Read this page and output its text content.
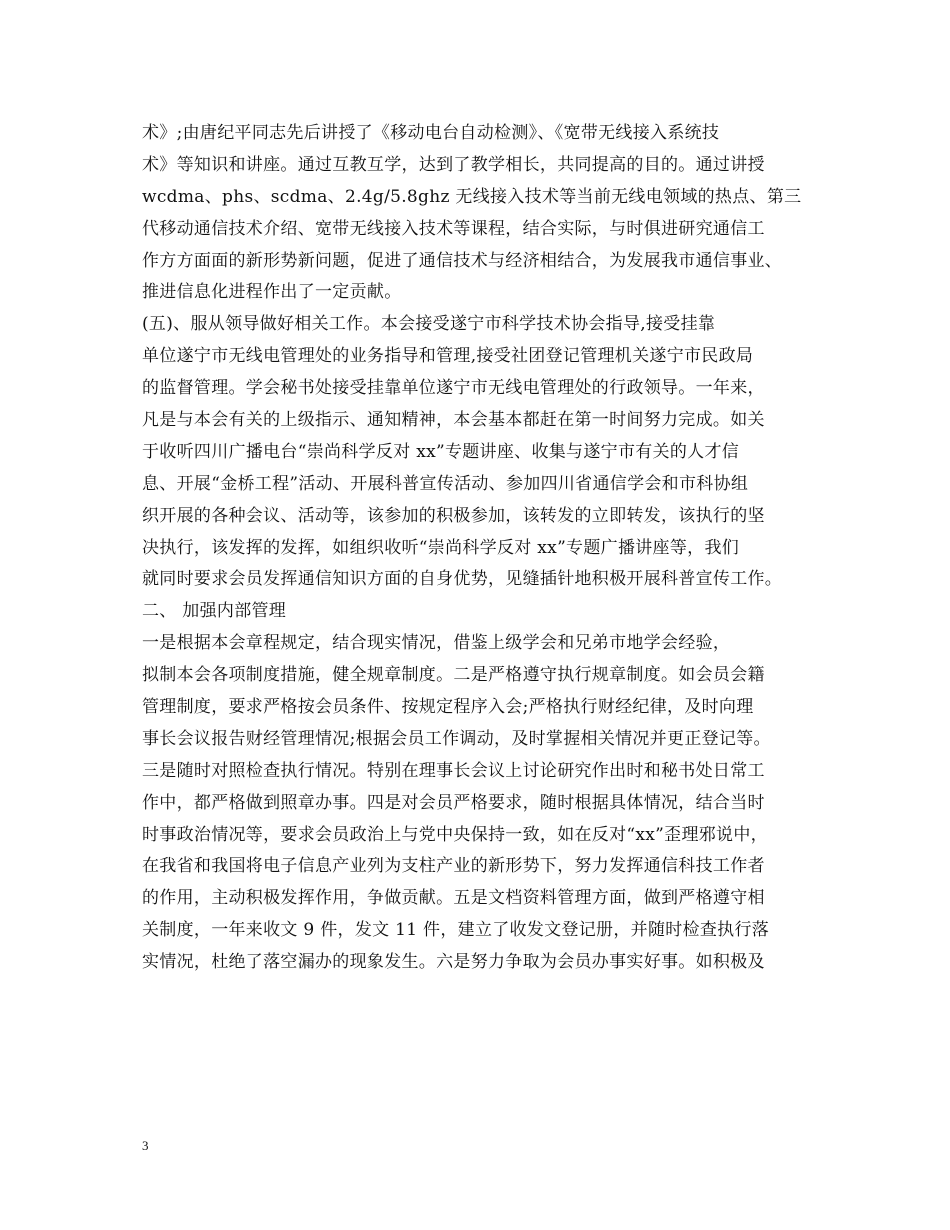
术》;由唐纪平同志先后讲授了《移动电台自动检测》、《宽带无线接入系统技
术》等知识和讲座。通过互教互学，达到了教学相长，共同提高的目的。通过讲授
wcdma、phs、scdma、2.4g/5.8ghz 无线接入技术等当前无线电领域的热点、第三
代移动通信技术介绍、宽带无线接入技术等课程，结合实际，与时俱进研究通信工
作方方面面的新形势新问题，促进了通信技术与经济相结合，为发展我市通信事业、
推进信息化进程作出了一定贡献。
(五)、服从领导做好相关工作。本会接受遂宁市科学技术协会指导,接受挂靠
单位遂宁市无线电管理处的业务指导和管理,接受社团登记管理机关遂宁市民政局
的监督管理。学会秘书处接受挂靠单位遂宁市无线电管理处的行政领导。一年来，
凡是与本会有关的上级指示、通知精神，本会基本都赶在第一时间努力完成。如关
于收听四川广播电台“崇尚科学反对 xx”专题讲座、收集与遂宁市有关的人才信
息、开展“金桥工程”活动、开展科普宣传活动、参加四川省通信学会和市科协组
织开展的各种会议、活动等，该参加的积极参加，该转发的立即转发，该执行的坚
决执行，该发挥的发挥，如组织收听“崇尚科学反对 xx”专题广播讲座等，我们
就同时要求会员发挥通信知识方面的自身优势，见缝插针地积极开展科普宣传工作。
二、 加强内部管理
一是根据本会章程规定，结合现实情况，借鉴上级学会和兄弟市地学会经验，
拟制本会各项制度措施，健全规章制度。二是严格遵守执行规章制度。如会员会籍
管理制度，要求严格按会员条件、按规定程序入会;严格执行财经纪律，及时向理
事长会议报告财经管理情况;根据会员工作调动，及时掌握相关情况并更正登记等。
三是随时对照检查执行情况。特别在理事长会议上讨论研究作出时和秘书处日常工
作中，都严格做到照章办事。四是对会员严格要求，随时根据具体情况，结合当时
时事政治情况等，要求会员政治上与党中央保持一致，如在反对“xx”歪理邪说中，
在我省和我国将电子信息产业列为支柱产业的新形势下，努力发挥通信科技工作者
的作用，主动积极发挥作用，争做贡献。五是文档资料管理方面，做到严格遵守相
关制度，一年来收文 9 件，发文 11 件，建立了收发文登记册，并随时检查执行落
实情况，杜绝了落空漏办的现象发生。六是努力争取为会员办事实好事。如积极及
3
